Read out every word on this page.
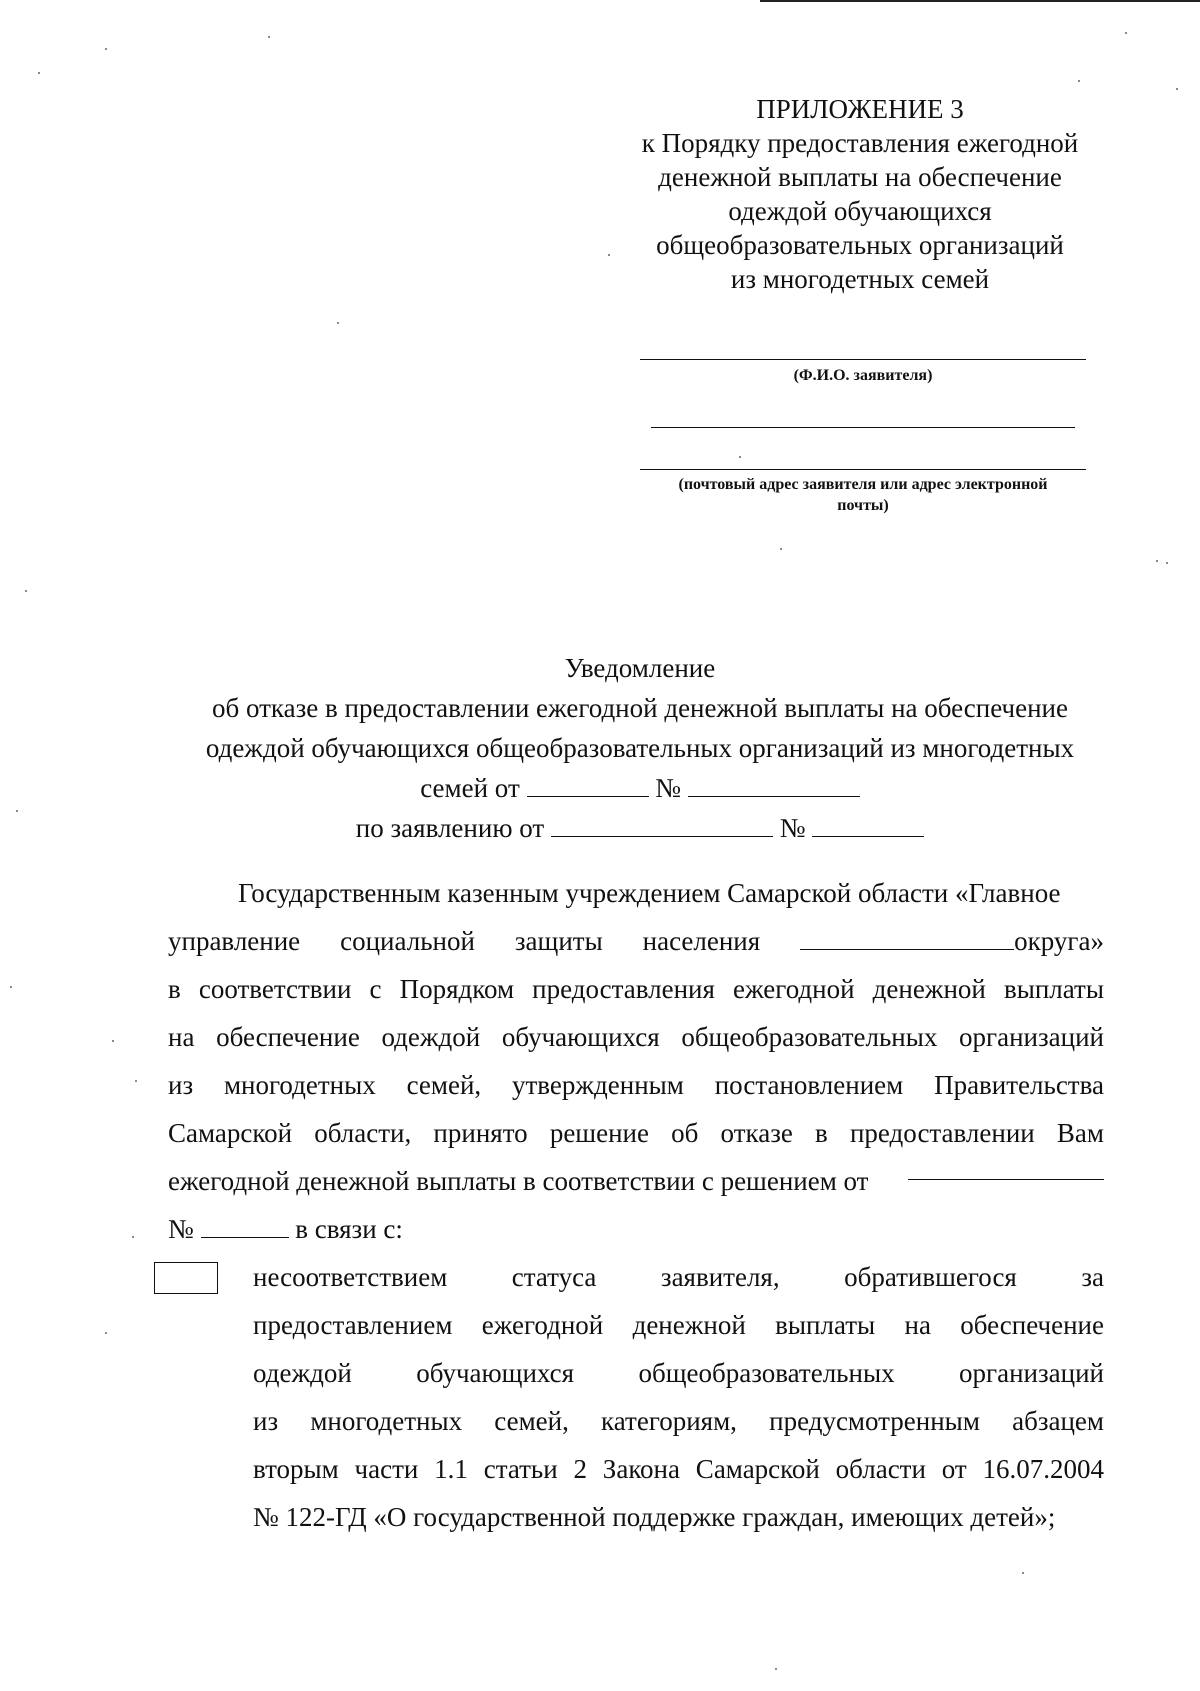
ПРИЛОЖЕНИЕ 3
к Порядку предоставления ежегодной
денежной выплаты на обеспечение
одеждой обучающихся
общеобразовательных организаций
из многодетных семей
(Ф.И.О. заявителя)
(почтовый адрес заявителя или адрес электронной
почты)
Уведомление
об отказе в предоставлении ежегодной денежной выплаты на обеспечение
одеждой обучающихся общеобразовательных организаций из многодетных
семей от	№
по заявлению от	№
Государственным казенным учреждением Самарской области «Главное
управление социальной защиты населения	округа»
в соответствии с Порядком предоставления ежегодной денежной выплаты
на обеспечение одеждой обучающихся общеобразовательных организаций
из многодетных семей, утвержденным постановлением Правительства
Самарской области, принято решение об отказе в предоставлении Вам
ежегодной денежной выплаты в соответствии с решением от
№	в связи с:
несоответствием статуса заявителя, обратившегося за
предоставлением ежегодной денежной выплаты на обеспечение
одеждой обучающихся общеобразовательных организаций
из многодетных семей, категориям, предусмотренным абзацем
вторым части 1.1 статьи 2 Закона Самарской области от 16.07.2004
№ 122-ГД «О государственной поддержке граждан, имеющих детей»;
